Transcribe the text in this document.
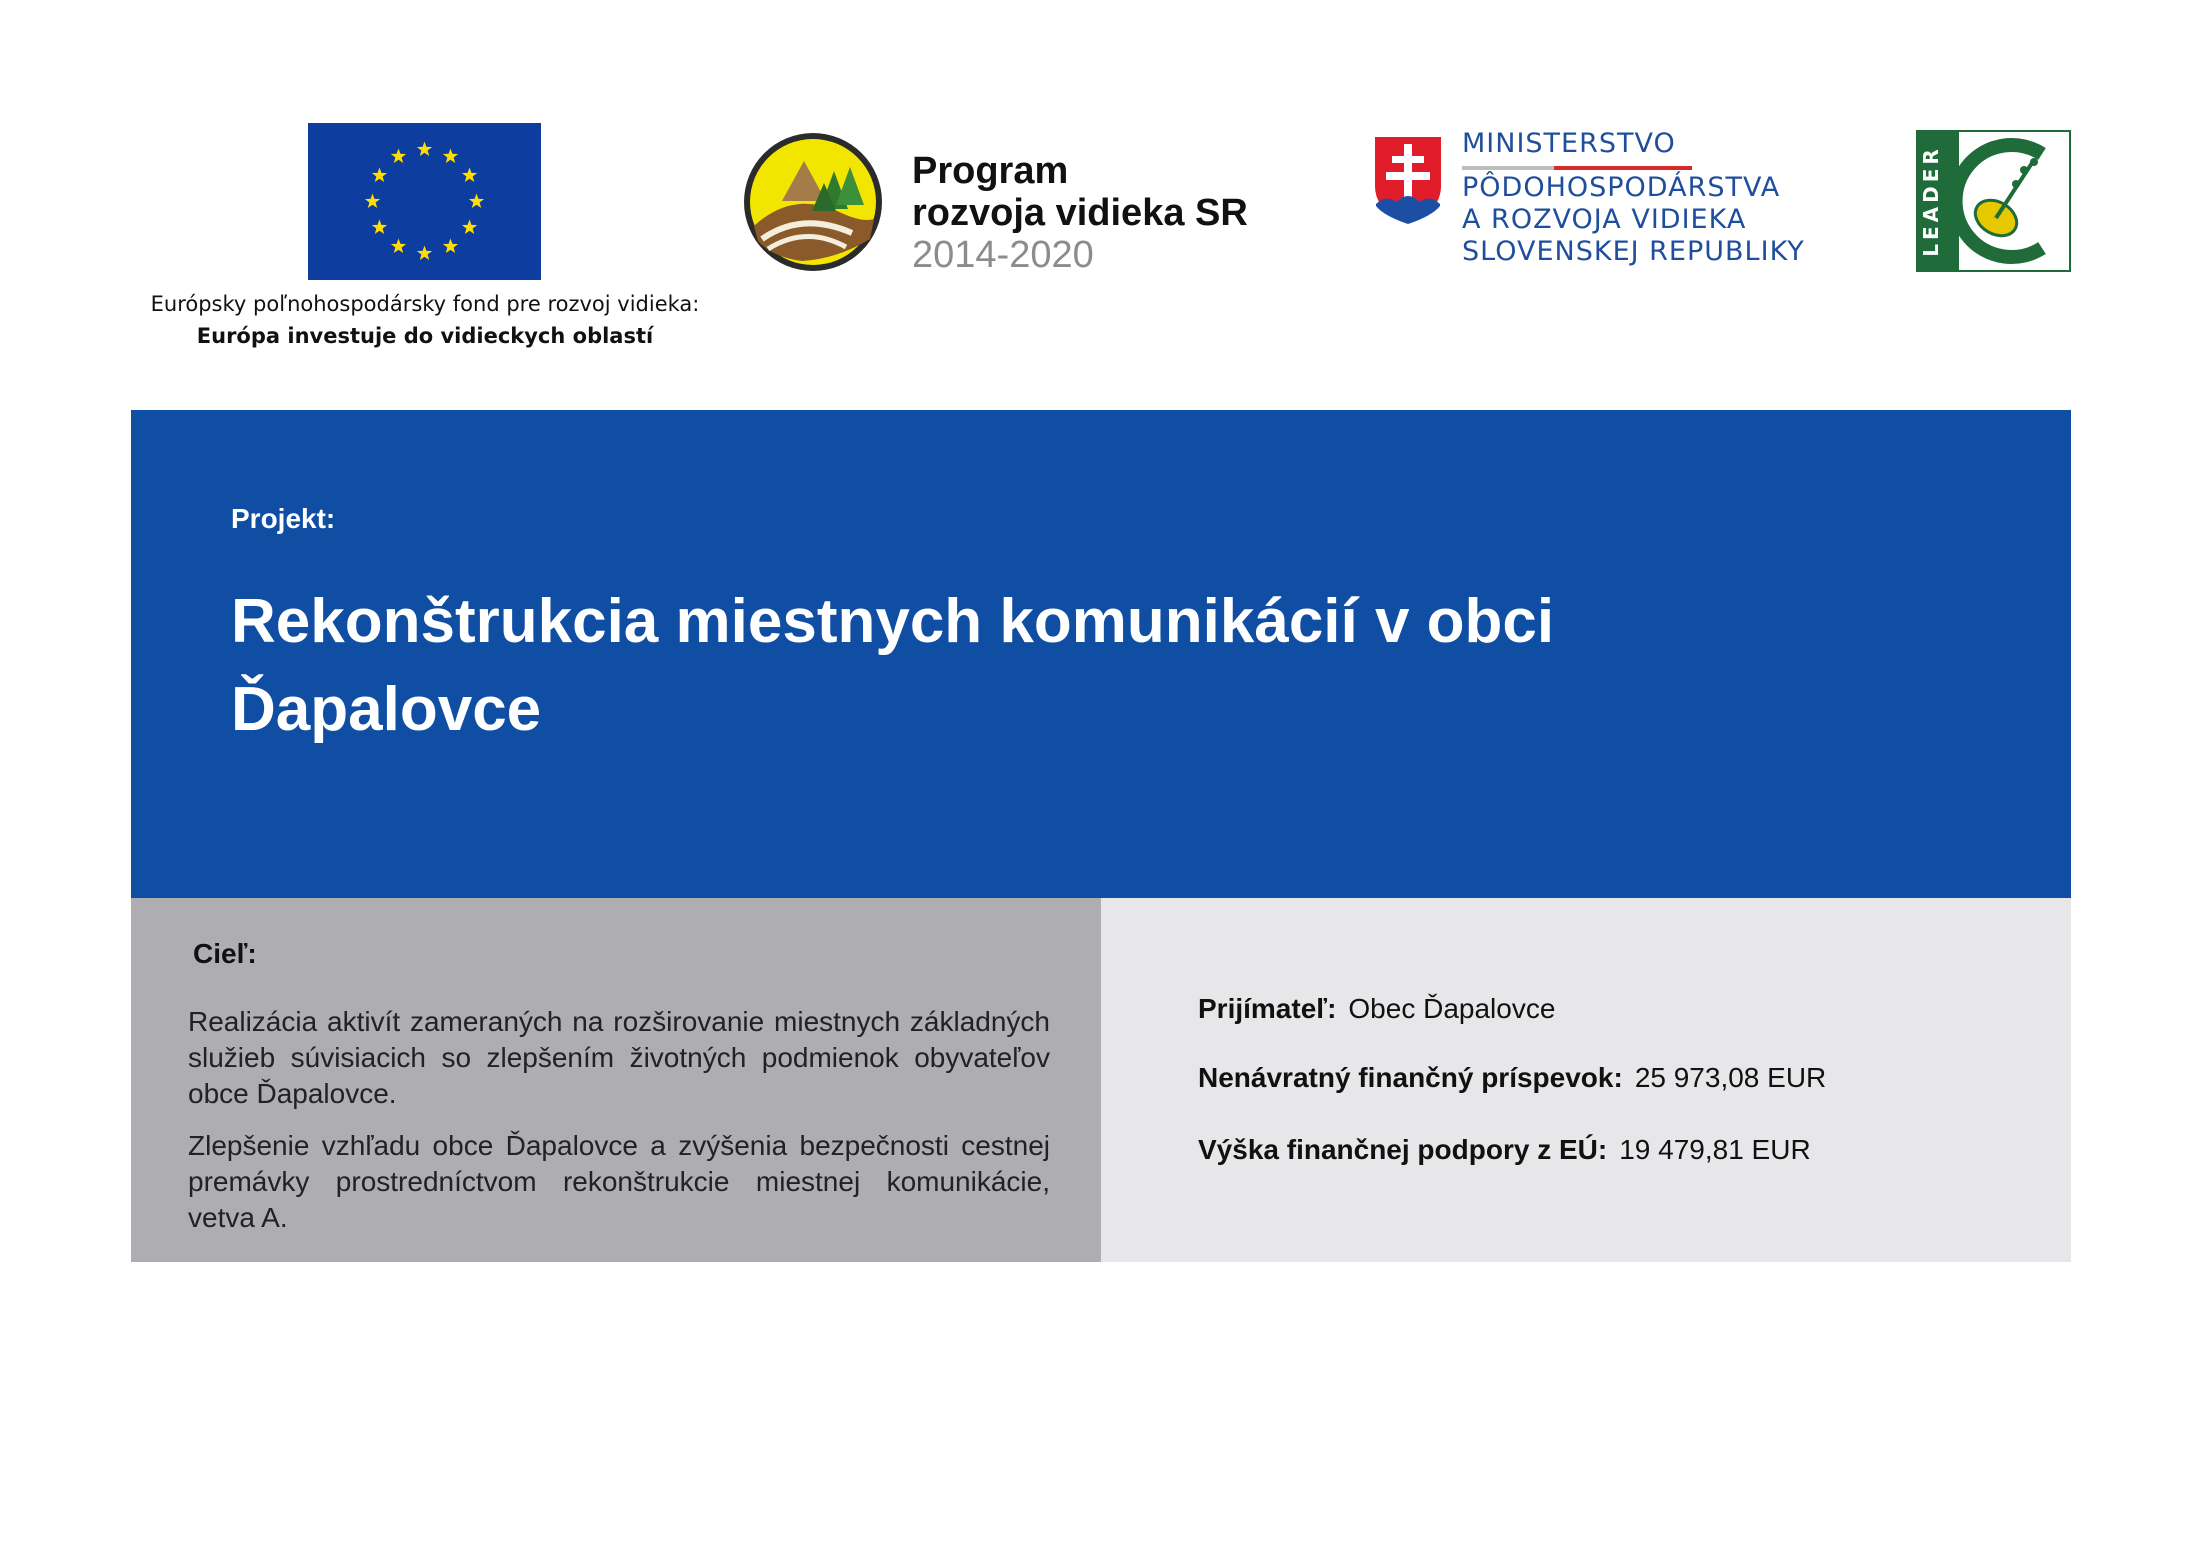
Európsky poľnohospodársky fond pre rozvoj vidieka:
Európa investuje do vidieckych oblastí
Program
rozvoja vidieka SR
2014-2020
MINISTERSTVO
PÔDOHOSPODÁRSTVA
A ROZVOJA VIDIEKA
SLOVENSKEJ REPUBLIKY	LEADER
Projekt:
Rekonštrukcia miestnych komunikácií v obci
Ďapalovce
Cieľ:
Realizácia aktivít zameraných na rozširovanie miestnych základných služieb súvisiacich so zlepšením životných podmienok obyvateľov obce Ďapalovce.
Zlepšenie vzhľadu obce Ďapalovce a zvýšenia bezpečnosti cestnej premávky prostredníctvom rekonštrukcie miestnej komunikácie, vetva A.
Prijímateľ: Obec Ďapalovce
Nenávratný finančný príspevok: 25 973,08 EUR
Výška finančnej podpory z EÚ: 19 479,81 EUR
